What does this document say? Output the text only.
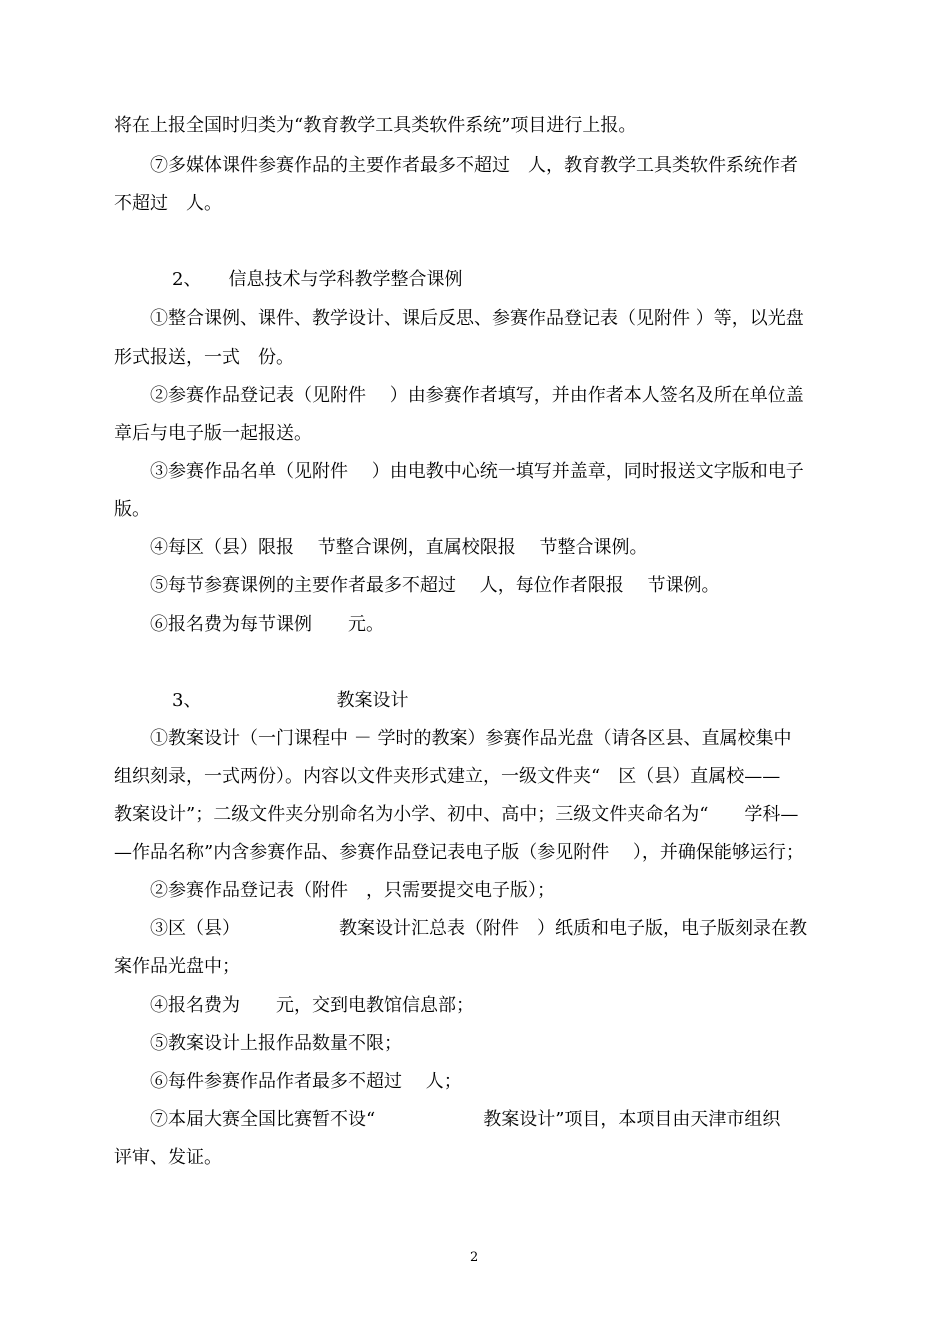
将在上报全国时归类为“教育教学工具类软件系统”项目进行上报。
⑦多媒体课件参赛作品的主要作者最多不超过　人，教育教学工具类软件系统作者
不超过　人。
2、　　信息技术与学科教学整合课例
①整合课例、课件、教学设计、课后反思、参赛作品登记表（见附件 ）等，以光盘
形式报送，一式　份。
②参赛作品登记表（见附件　 ）由参赛作者填写，并由作者本人签名及所在单位盖
章后与电子版一起报送。
③参赛作品名单（见附件　 ）由电教中心统一填写并盖章，同时报送文字版和电子
版。
④每区（县）限报　 节整合课例，直属校限报　 节整合课例。
⑤每节参赛课例的主要作者最多不超过　 人，每位作者限报　 节课例。
⑥报名费为每节课例　　元。
3、　　　　　　　　教案设计
①教案设计（一门课程中 － 学时的教案）参赛作品光盘（请各区县、直属校集中
组织刻录，一式两份）。内容以文件夹形式建立，一级文件夹“　区（县）直属校——
教案设计”；二级文件夹分别命名为小学、初中、高中；三级文件夹命名为“　　学科—
—作品名称”内含参赛作品、参赛作品登记表电子版（参见附件　 ），并确保能够运行；
②参赛作品登记表（附件　，只需要提交电子版）；
③区（县）　　　　　　教案设计汇总表（附件　）纸质和电子版，电子版刻录在教
案作品光盘中；
④报名费为　　元，交到电教馆信息部；
⑤教案设计上报作品数量不限；
⑥每件参赛作品作者最多不超过　 人；
⑦本届大赛全国比赛暂不设“　　　　　　教案设计”项目，本项目由天津市组织
评审、发证。
2
